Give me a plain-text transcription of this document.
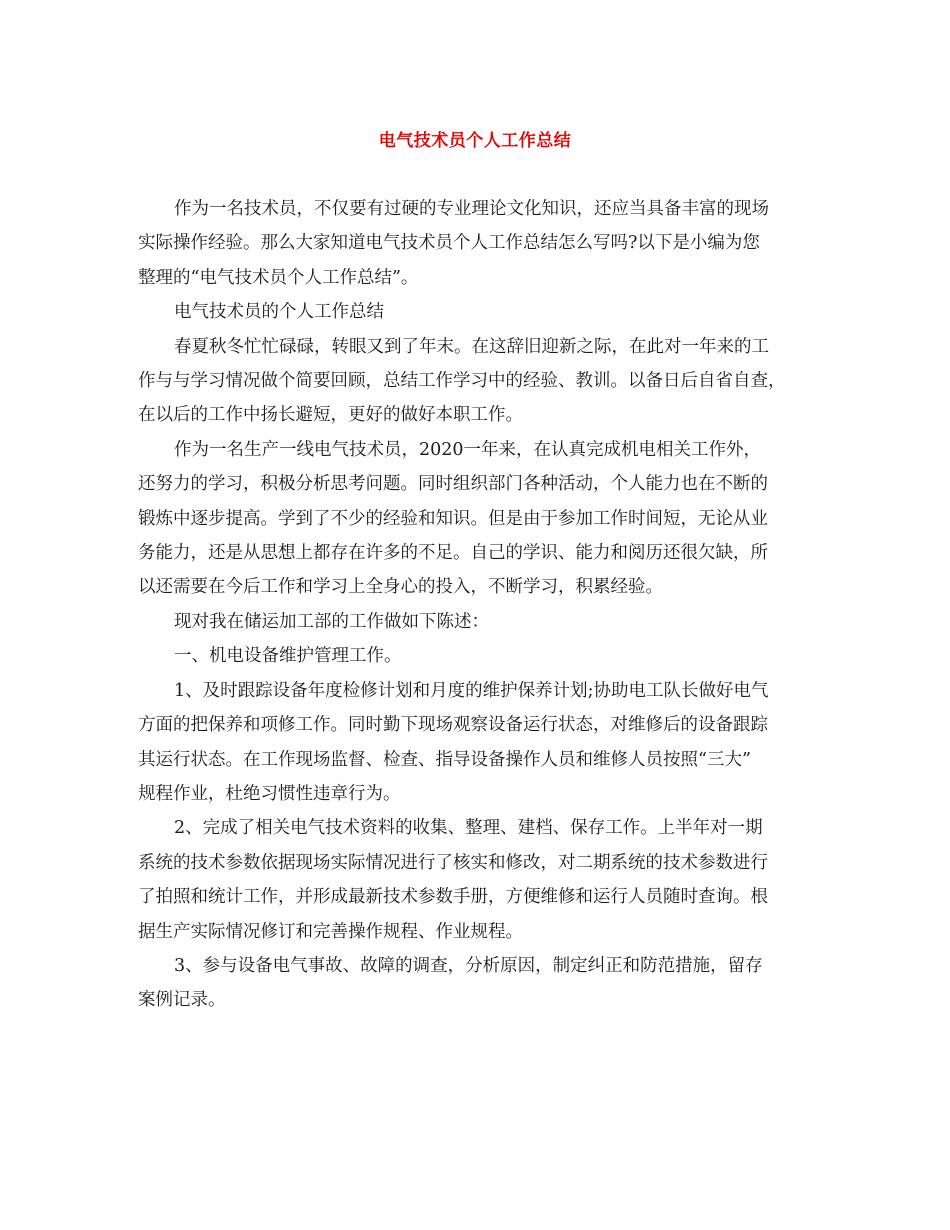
电气技术员个人工作总结
作为一名技术员，不仅要有过硬的专业理论文化知识，还应当具备丰富的现场
实际操作经验。那么大家知道电气技术员个人工作总结怎么写吗?以下是小编为您
整理的“电气技术员个人工作总结”。
电气技术员的个人工作总结
春夏秋冬忙忙碌碌，转眼又到了年末。在这辞旧迎新之际，在此对一年来的工
作与与学习情况做个简要回顾，总结工作学习中的经验、教训。以备日后自省自查，
在以后的工作中扬长避短，更好的做好本职工作。
作为一名生产一线电气技术员，2020一年来，在认真完成机电相关工作外，
还努力的学习，积极分析思考问题。同时组织部门各种活动，个人能力也在不断的
锻炼中逐步提高。学到了不少的经验和知识。但是由于参加工作时间短，无论从业
务能力，还是从思想上都存在许多的不足。自己的学识、能力和阅历还很欠缺，所
以还需要在今后工作和学习上全身心的投入，不断学习，积累经验。
现对我在储运加工部的工作做如下陈述：
一、机电设备维护管理工作。
1、及时跟踪设备年度检修计划和月度的维护保养计划;协助电工队长做好电气
方面的把保养和项修工作。同时勤下现场观察设备运行状态，对维修后的设备跟踪
其运行状态。在工作现场监督、检查、指导设备操作人员和维修人员按照“三大”
规程作业，杜绝习惯性违章行为。
2、完成了相关电气技术资料的收集、整理、建档、保存工作。上半年对一期
系统的技术参数依据现场实际情况进行了核实和修改，对二期系统的技术参数进行
了拍照和统计工作，并形成最新技术参数手册，方便维修和运行人员随时查询。根
据生产实际情况修订和完善操作规程、作业规程。
3、参与设备电气事故、故障的调查，分析原因，制定纠正和防范措施，留存
案例记录。
